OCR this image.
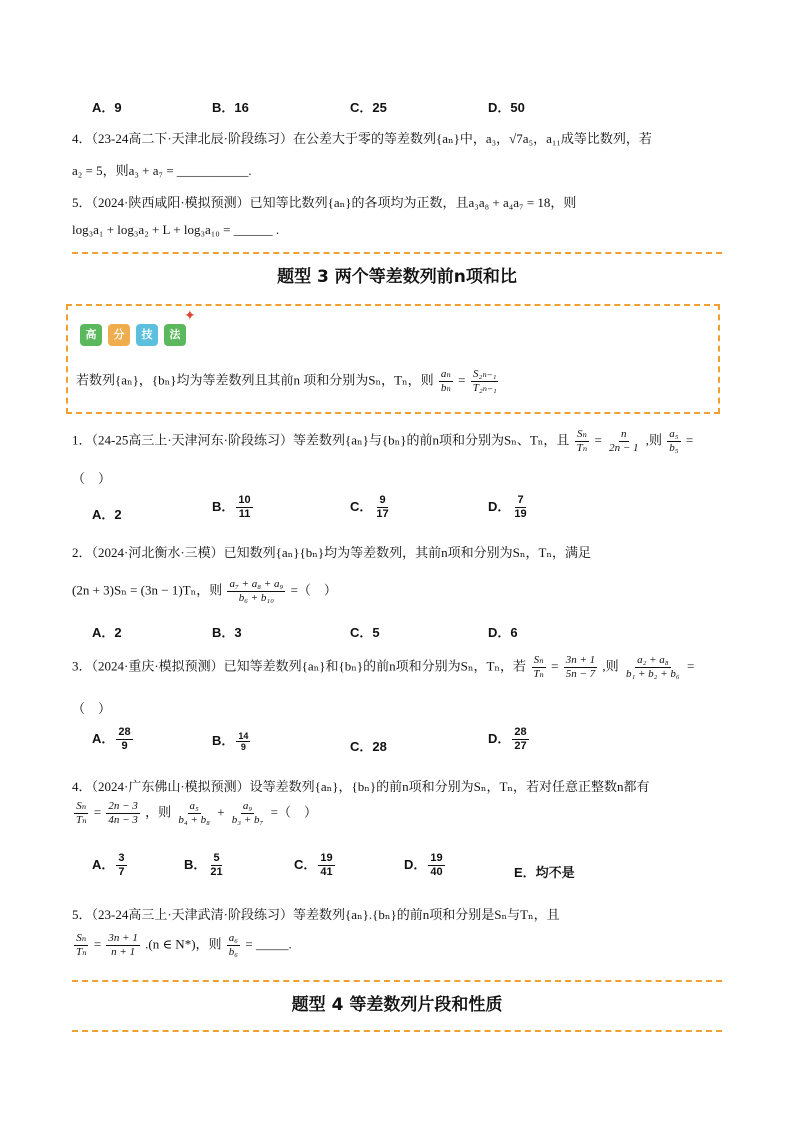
A．9	B．16	C．25	D．50
4．（23-24高二下·天津北辰·阶段练习）在公差大于零的等差数列{aₙ}中，a₃，√7a₅，a₁₁成等比数列，若
a₂ = 5，则a₃ + a₇ = ___________.
5．（2024·陕西咸阳·模拟预测）已知等比数列{aₙ}的各项均为正数，且a₃a₈ + a₄a₇ = 18，则
log₃a₁ + log₃a₂ + L + log₃a₁₀ = ______ .
题型 3 两个等差数列前n项和比
高	分	技	法
✦
若数列{aₙ}，{bₙ}均为等差数列且其前n 项和分别为Sₙ，Tₙ，则 $\frac{\text{aₙ}}{\text{bₙ}} = \frac{\text{S₂ₙ₋₁}}{\text{T₂ₙ₋₁}}$
1．（24-25高三上·天津河东·阶段练习）等差数列{aₙ}与{bₙ}的前n项和分别为Sₙ、Tₙ，且 $\frac{\text{Sₙ}}{\text{Tₙ}} = \frac{n}{2n - 1}$ ,则 $\frac{\text{a₅}}{\text{b₅}}$ =
（　）
A．2
B． $\frac{10}{11}$	C． $\frac{9}{17}$	D． $\frac{7}{19}$
2．（2024·河北衡水·三模）已知数列{aₙ}{bₙ}均为等差数列，其前n项和分别为Sₙ，Tₙ，满足
(2n + 3)Sₙ = (3n − 1)Tₙ，则 $\frac{\text{a₇ + a₈ + a₉}}{\text{b₆ + b₁₀}}$ =（　）
A．2	B．3	C．5	D．6
3．（2024·重庆·模拟预测）已知等差数列{aₙ}和{bₙ}的前n项和分别为Sₙ，Tₙ，若 $\frac{\text{Sₙ}}{\text{Tₙ}} = \frac{3n + 1}{5n - 7}$ ,则 $\frac{\text{a₂ + a₈}}{\text{b₁ + b₂ + b₆}}$ =
（　）
A． $\frac{28}{9}$	B． $\frac{14}{9}$	C．28
D． $\frac{28}{27}$
4．（2024·广东佛山·模拟预测）设等差数列{aₙ}，{bₙ}的前n项和分别为Sₙ，Tₙ，若对任意正整数n都有
$\frac{\text{Sₙ}}{\text{Tₙ}} = \frac{2n - 3}{4n - 3}$ ，则 $\frac{\text{a₅}}{\text{b₄ + b₈}} + \frac{\text{a₉}}{\text{b₃ + b₇}}$ =（　）
A． $\frac{3}{7}$	B． $\frac{5}{21}$	C． $\frac{19}{41}$	D． $\frac{19}{40}$	E．均不是
5．（23-24高三上·天津武清·阶段练习）等差数列{aₙ}.{bₙ}的前n项和分别是Sₙ与Tₙ，且
$\frac{\text{Sₙ}}{\text{Tₙ}} = \frac{3n + 1}{n + 1} .(n$ ∈ N*)，则 $\frac{\text{a₆}}{\text{b₆}}$ = _____.
题型 4 等差数列片段和性质
